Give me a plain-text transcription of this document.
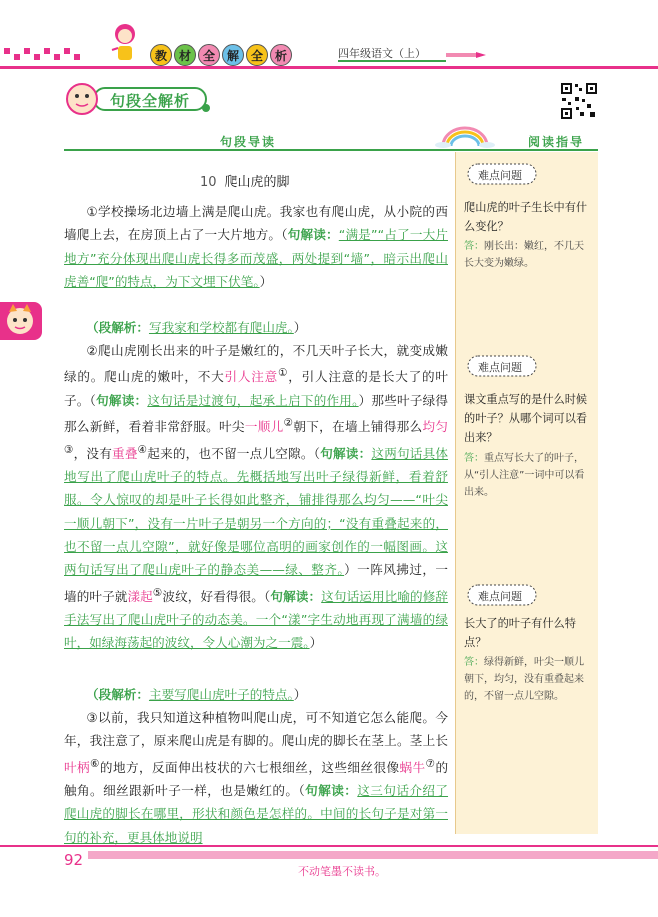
教 材 全 解 全 析	四年级语文（上）
句段全解析
句段导读	阅读指导
难点问题
爬山虎的叶子生长中有什么变化？
答：刚长出：嫩红，不几天长大变为嫩绿。
难点问题
课文重点写的是什么时候的叶子？从哪个词可以看出来？
答：重点写长大了的叶子，从“引人注意”一词中可以看出来。
难点问题
长大了的叶子有什么特点？
答：绿得新鲜，叶尖一顺儿朝下，均匀，没有重叠起来的，不留一点儿空隙。
10 爬山虎的脚
①学校操场北边墙上满是爬山虎。我家也有爬山虎，从小院的西墙爬上去，在房顶上占了一大片地方。（句解读：“满是”“占了一大片地方”充分体现出爬山虎长得多而茂盛，两处提到“墙”，暗示出爬山虎善“爬”的特点，为下文埋下伏笔。）
（段解析：写我家和学校都有爬山虎。）
②爬山虎刚长出来的叶子是嫩红的，不几天叶子长大，就变成嫩绿的。爬山虎的嫩叶，不大引人注意①，引人注意的是长大了的叶子。（句解读：这句话是过渡句，起承上启下的作用。）那些叶子绿得那么新鲜，看着非常舒服。叶尖一顺儿②朝下，在墙上铺得那么均匀③，没有重叠④起来的，也不留一点儿空隙。（句解读：这两句话具体地写出了爬山虎叶子的特点。先概括地写出叶子绿得新鲜，看着舒服。令人惊叹的却是叶子长得如此整齐，铺排得那么均匀——“叶尖一顺儿朝下”，没有一片叶子是朝另一个方向的；“没有重叠起来的，也不留一点儿空隙”，就好像是哪位高明的画家创作的一幅图画。这两句话写出了爬山虎叶子的静态美——绿、整齐。）一阵风拂过，一墙的叶子就漾起⑤波纹，好看得很。（句解读：这句话运用比喻的修辞手法写出了爬山虎叶子的动态美。一个“漾”字生动地再现了满墙的绿叶，如绿海荡起的波纹，令人心潮为之一震。）
（段解析：主要写爬山虎叶子的特点。）
③以前，我只知道这种植物叫爬山虎，可不知道它怎么能爬。今年，我注意了，原来爬山虎是有脚的。爬山虎的脚长在茎上。茎上长叶柄⑥的地方，反面伸出枝状的六七根细丝，这些细丝很像蜗牛⑦的触角。细丝跟新叶子一样，也是嫩红的。（句解读：这三句话介绍了爬山虎的脚长在哪里，形状和颜色是怎样的。中间的长句子是对第一句的补充，更具体地说明
92
不动笔墨不读书。
